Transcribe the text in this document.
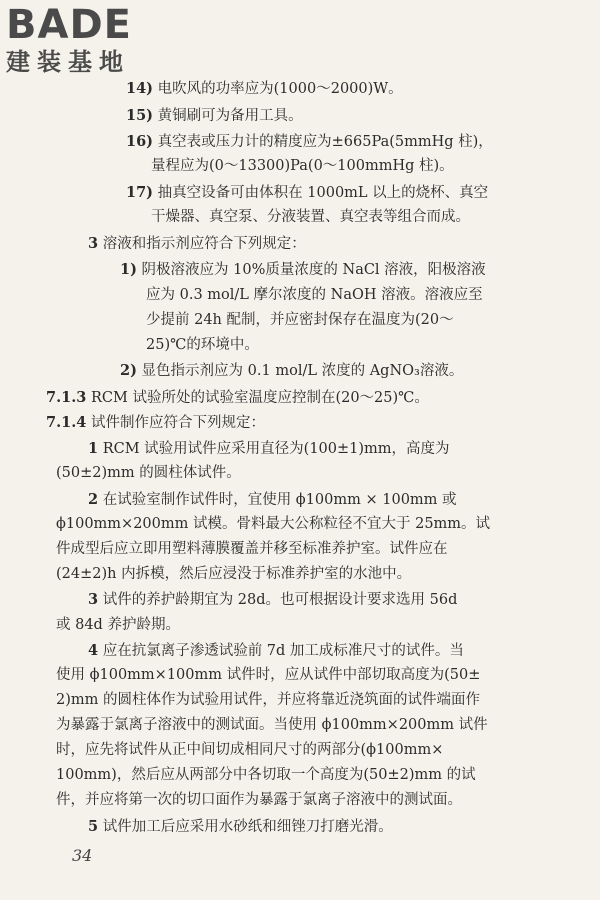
BADE
建装基地
14) 电吹风的功率应为(1000～2000)W。
15) 黄铜刷可为备用工具。
16) 真空表或压力计的精度应为±665Pa(5mmHg 柱)，
量程应为(0～13300)Pa(0～100mmHg 柱)。
17) 抽真空设备可由体积在 1000mL 以上的烧杯、真空
干燥器、真空泵、分液装置、真空表等组合而成。
3 溶液和指示剂应符合下列规定：
1) 阴极溶液应为 10%质量浓度的 NaCl 溶液，阳极溶液
应为 0.3 mol/L 摩尔浓度的 NaOH 溶液。溶液应至
少提前 24h 配制，并应密封保存在温度为(20～
25)℃的环境中。
2) 显色指示剂应为 0.1 mol/L 浓度的 AgNO₃溶液。
7.1.3 RCM 试验所处的试验室温度应控制在(20～25)℃。
7.1.4 试件制作应符合下列规定：
1 RCM 试验用试件应采用直径为(100±1)mm，高度为
(50±2)mm 的圆柱体试件。
2 在试验室制作试件时，宜使用 ϕ100mm × 100mm 或
ϕ100mm×200mm 试模。骨料最大公称粒径不宜大于 25mm。试
件成型后应立即用塑料薄膜覆盖并移至标准养护室。试件应在
(24±2)h 内拆模，然后应浸没于标准养护室的水池中。
3 试件的养护龄期宜为 28d。也可根据设计要求选用 56d
或 84d 养护龄期。
4 应在抗氯离子渗透试验前 7d 加工成标准尺寸的试件。当
使用 ϕ100mm×100mm 试件时，应从试件中部切取高度为(50±
2)mm 的圆柱体作为试验用试件，并应将靠近浇筑面的试件端面作
为暴露于氯离子溶液中的测试面。当使用 ϕ100mm×200mm 试件
时，应先将试件从正中间切成相同尺寸的两部分(ϕ100mm×
100mm)，然后应从两部分中各切取一个高度为(50±2)mm 的试
件，并应将第一次的切口面作为暴露于氯离子溶液中的测试面。
5 试件加工后应采用水砂纸和细锉刀打磨光滑。
34
